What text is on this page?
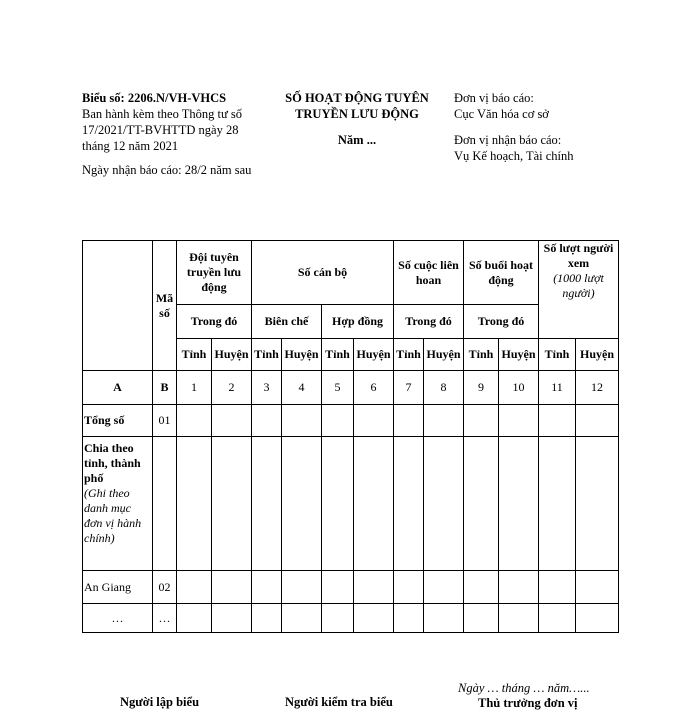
Biểu số: 2206.N/VH-VHCS
Ban hành kèm theo Thông tư số 17/2021/TT-BVHTTD ngày 28 tháng 12 năm 2021
Ngày nhận báo cáo: 28/2 năm sau
SỐ HOẠT ĐỘNG TUYÊN
TRUYỀN LƯU ĐỘNG
Năm ...
Đơn vị báo cáo:
Cục Văn hóa cơ sở
Đơn vị nhận báo cáo:
Vụ Kế hoạch, Tài chính
	Mã số	Đội tuyên truyền lưu động		Số cán bộ				Số cuộc liên hoan		Số buổi hoạt động		Số lượt người xem
(1000 lượt người)	

		Trong đó		Biên chế		Hợp đồng		Trong đó		Trong đó			
		Tỉnh	Huyện	Tỉnh	Huyện	Tỉnh	Huyện	Tỉnh	Huyện	Tỉnh	Huyện	Tỉnh	Huyện
A	B	1	2	3	4	5	6	7	8	9	10	11	12
Tổng số	01												

Chia theo tỉnh, thành phố
(Ghi theo danh mục đơn vị hành chính)													

An Giang	02												
…	…												
Ngày … tháng … năm…...
Người lập biểu	Người kiểm tra biểu	Thủ trưởng đơn vị
